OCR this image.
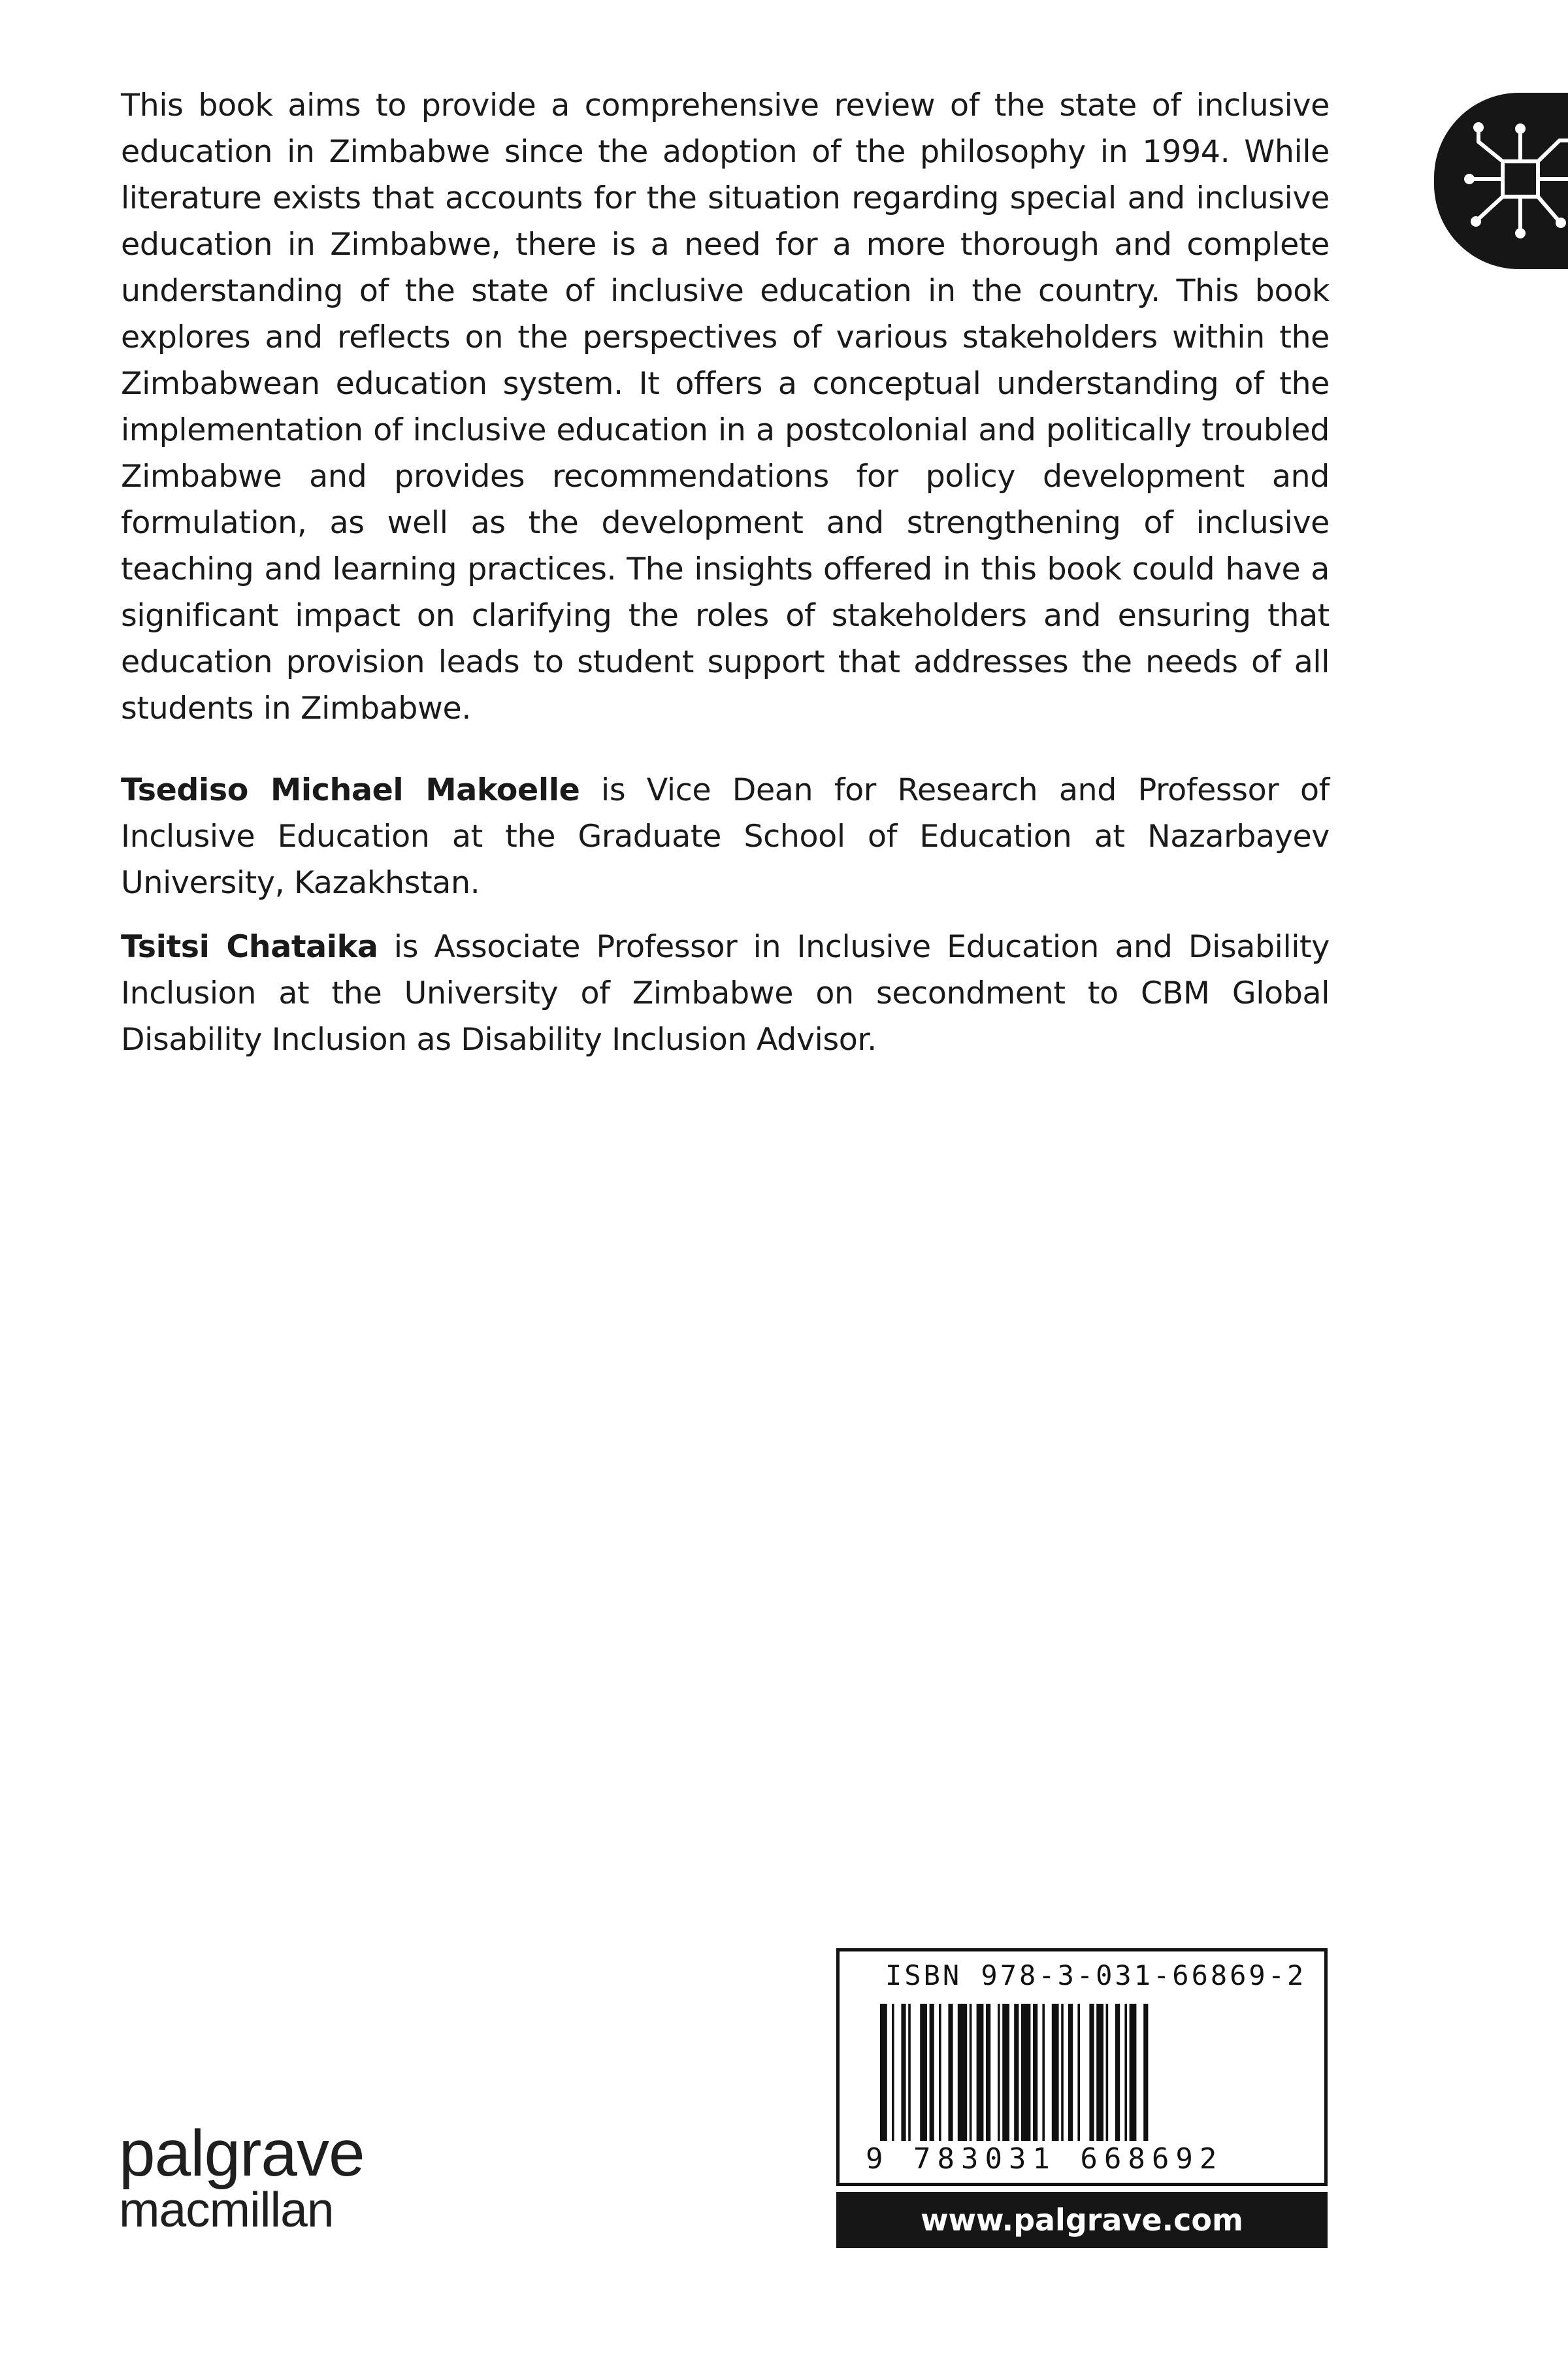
This book aims to provide a comprehensive review of the state of inclusive education in Zimbabwe since the adoption of the philosophy in 1994. While literature exists that accounts for the situation regarding special and inclusive education in Zimbabwe, there is a need for a more thorough and complete understanding of the state of inclusive education in the country. This book explores and reflects on the perspectives of various stakeholders within the Zimbabwean education system. It offers a conceptual understanding of the implementation of inclusive education in a postcolonial and politically troubled Zimbabwe and provides recommendations for policy development and formulation, as well as the development and strengthening of inclusive teaching and learning practices. The insights offered in this book could have a significant impact on clarifying the roles of stakeholders and ensuring that education provision leads to student support that addresses the needs of all students in Zimbabwe.

Tsediso Michael Makoelle is Vice Dean for Research and Professor of Inclusive Education at the Graduate School of Education at Nazarbayev University, Kazakhstan.

Tsitsi Chataika is Associate Professor in Inclusive Education and Disability Inclusion at the University of Zimbabwe on secondment to CBM Global Disability Inclusion as Disability Inclusion Advisor.

palgrave
macmillan
ISBN 978-3-031-66869-2
9 783031 668692
www.palgrave.com
